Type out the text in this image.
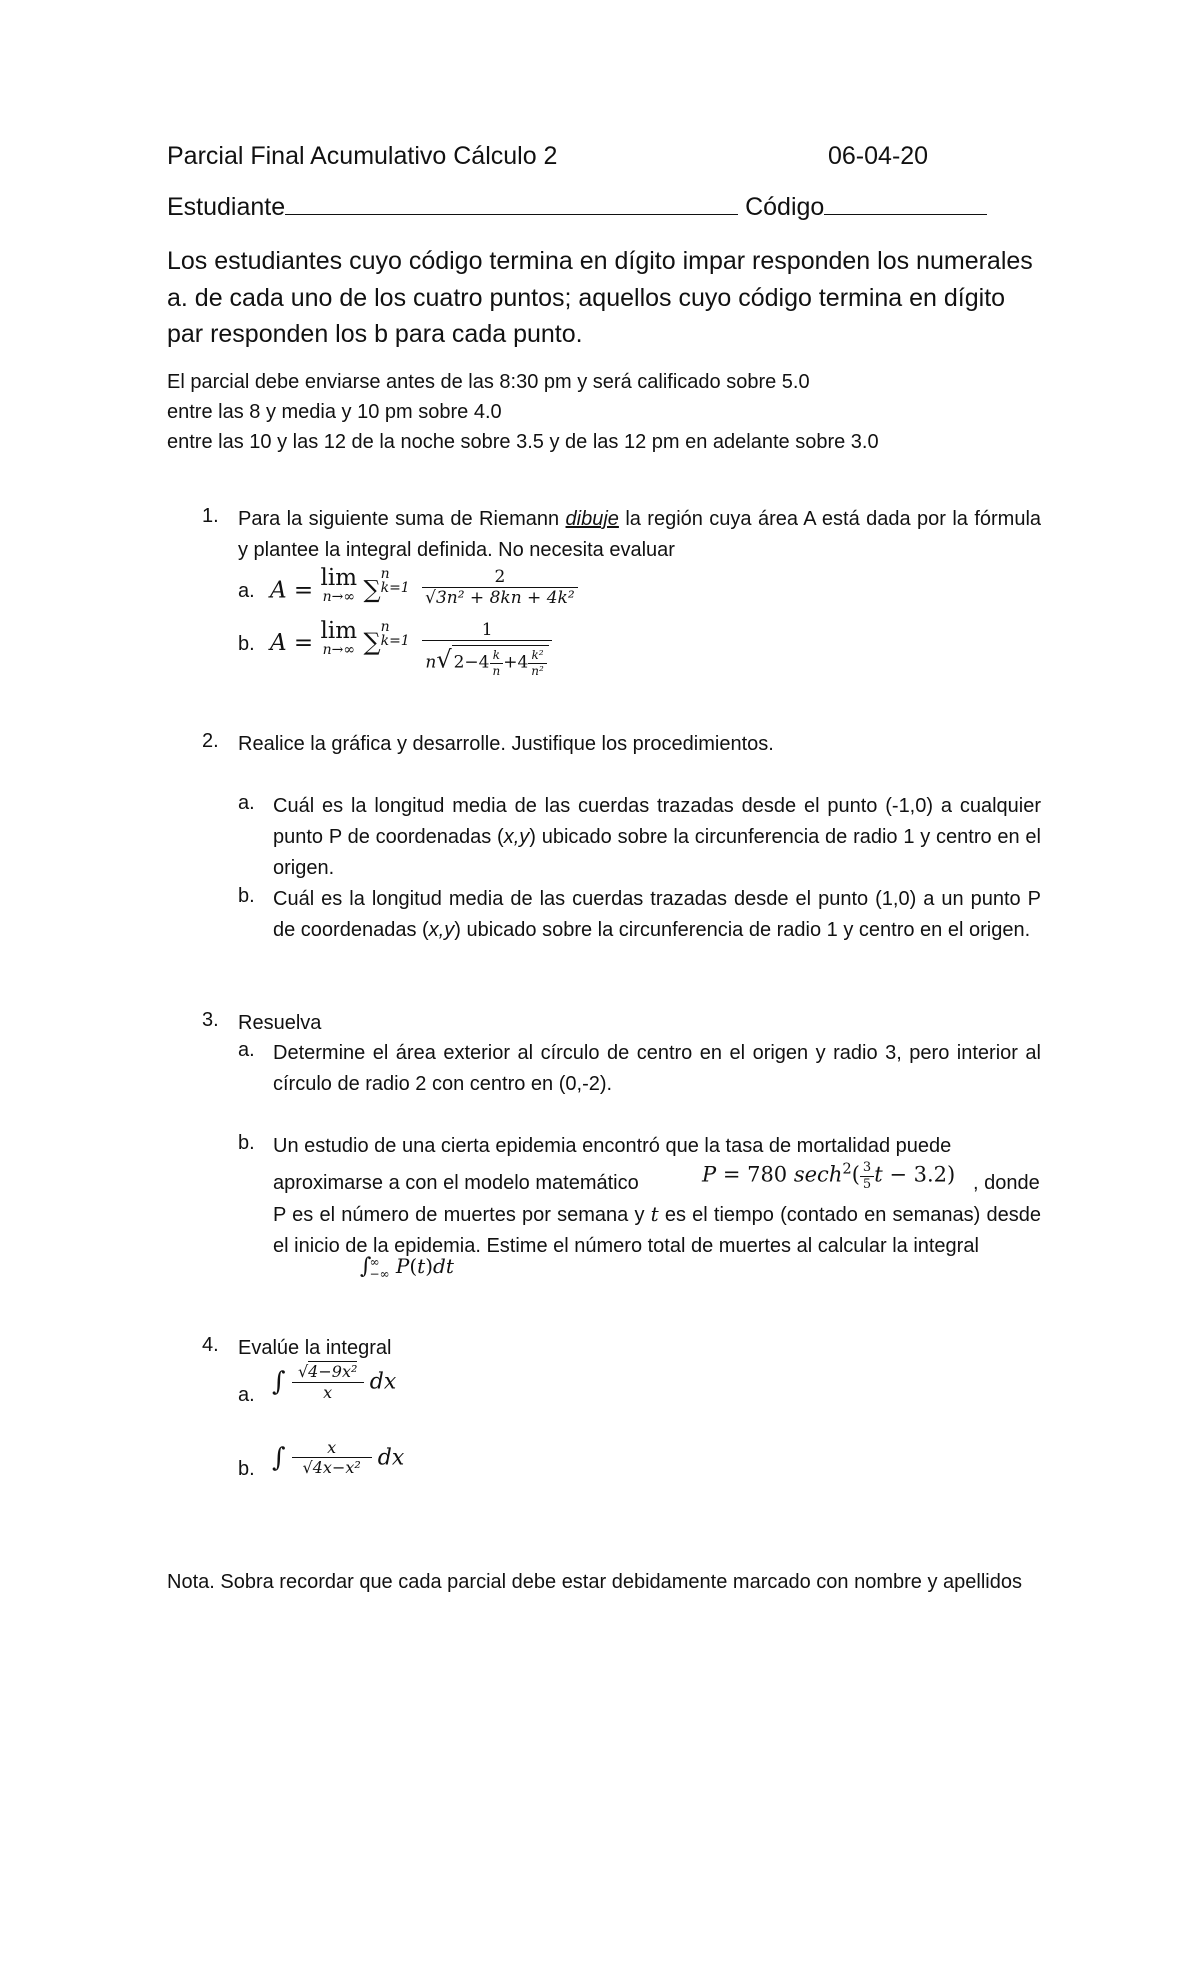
Parcial Final Acumulativo Cálculo 2	06-04-20
Estudiante	Código
Los estudiantes cuyo código termina en dígito impar responden los numerales a. de cada uno de los cuatro puntos; aquellos cuyo código termina en dígito par responden los b para cada punto.
El parcial debe enviarse antes de las 8:30 pm y será calificado sobre 5.0
entre las 8 y media y 10 pm sobre 4.0
entre las 10 y las 12 de la noche sobre 3.5 y de las 12 pm en adelante sobre 3.0
1. Para la siguiente suma de Riemann dibuje la región cuya área A está dada por la fórmula y plantee la integral definida. No necesita evaluar
a. A = lim
n→∞ ∑
n
k=1
$\frac{2}{\text{√3n² + 8kn + 4k²}}$
b. A = lim
n→∞ ∑
n
k=1
$\frac{1}{n√ 2-4 \frac{k}{n} +4 \frac{\text{k²}}{\text{n²}}}$
2. Realice la gráfica y desarrolle. Justifique los procedimientos.
a. Cuál es la longitud media de las cuerdas trazadas desde el punto (-1,0) a cualquier punto P de coordenadas (x,y) ubicado sobre la circunferencia de radio 1 y centro en el origen.
b. Cuál es la longitud media de las cuerdas trazadas desde el punto (1,0) a un punto P de coordenadas (x,y) ubicado sobre la circunferencia de radio 1 y centro en el origen.
3. Resuelva
a. Determine el área exterior al círculo de centro en el origen y radio 3, pero interior al círculo de radio 2 con centro en (0,-2).
b. Un estudio de una cierta epidemia encontró que la tasa de mortalidad puede
aproximarse a con el modelo matemático	P = 780 $\sec h^2( \frac{3}{5}$ t − 3.2) , donde
P es el número de muertes por semana y t es el tiempo (contado en semanas) desde el inicio de la epidemia. Estime el número total de muertes al calcular la integral
∫
∞
−∞ P(t)dt
4. Evalúe la integral
a. ∫ $\frac{\text{√4−9x²}}{x}$ dx
b. ∫ $\frac{x}{\text{√4x−x²}}$ dx
Nota. Sobra recordar que cada parcial debe estar debidamente marcado con nombre y apellidos
